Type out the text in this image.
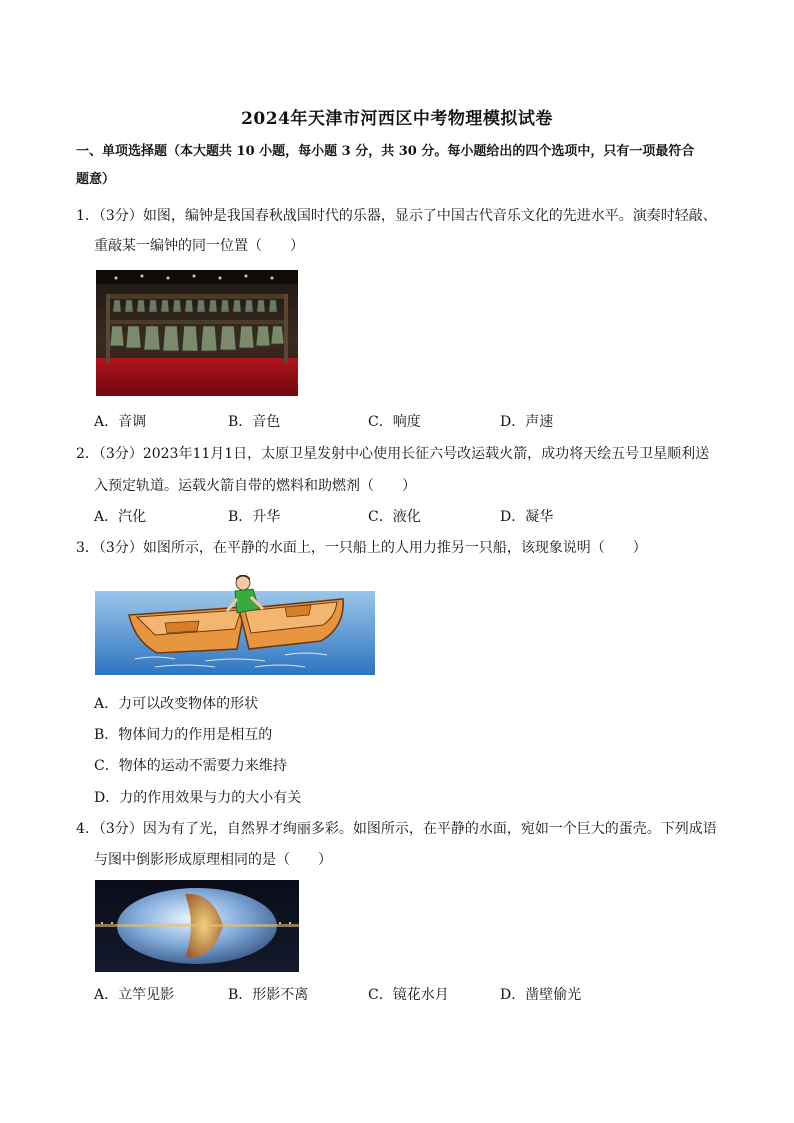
2024年天津市河西区中考物理模拟试卷
一、单项选择题（本大题共 10 小题，每小题 3 分，共 30 分。每小题给出的四个选项中，只有一项最符合
题意）
1．（3分）如图，编钟是我国春秋战国时代的乐器，显示了中国古代音乐文化的先进水平。演奏时轻敲、
重敲某一编钟的同一位置（　　）
A．音调	B．音色	C．响度	D．声速
2．（3分）2023年11月1日，太原卫星发射中心使用长征六号改运载火箭，成功将天绘五号卫星顺利送
入预定轨道。运载火箭自带的燃料和助燃剂（　　）
A．汽化	B．升华	C．液化	D．凝华
3．（3分）如图所示，在平静的水面上，一只船上的人用力推另一只船，该现象说明（　　）
A．力可以改变物体的形状
B．物体间力的作用是相互的
C．物体的运动不需要力来维持
D．力的作用效果与力的大小有关
4．（3分）因为有了光，自然界才绚丽多彩。如图所示，在平静的水面，宛如一个巨大的蛋壳。下列成语
与图中倒影形成原理相同的是（　　）
A．立竿见影	B．形影不离	C．镜花水月	D．凿壁偷光
